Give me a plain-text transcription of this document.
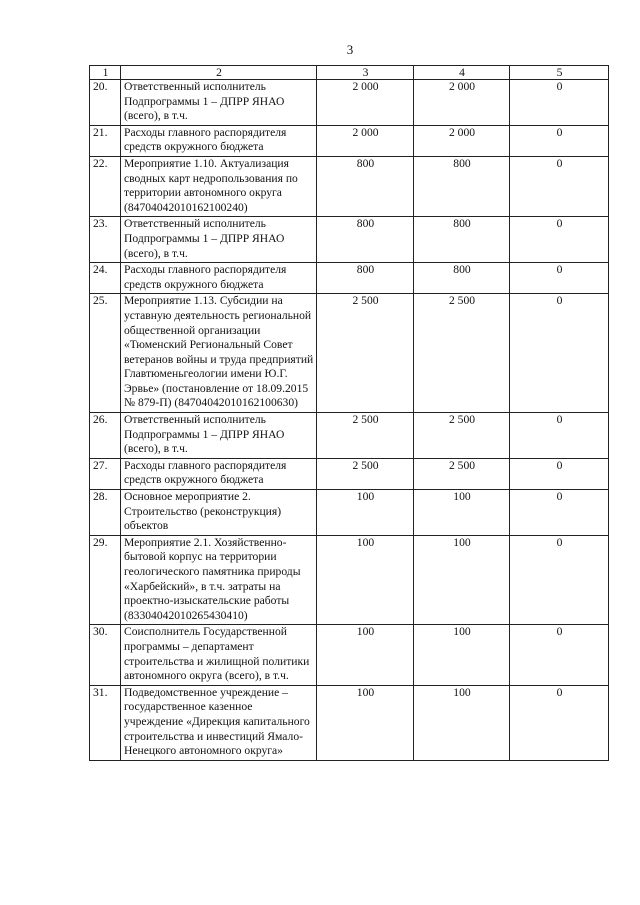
3
1	2	3	4	5
20.	Ответственный исполнитель Подпрограммы 1 – ДПРР ЯНАО (всего), в т.ч.	2 000	2 000	0
21.	Расходы главного распорядителя средств окружного бюджета	2 000	2 000	0
22.	Мероприятие 1.10. Актуализация сводных карт недропользования по территории автономного округа (84704042010162100240)	800	800	0
23.	Ответственный исполнитель Подпрограммы 1 – ДПРР ЯНАО (всего), в т.ч.	800	800	0
24.	Расходы главного распорядителя средств окружного бюджета	800	800	0
25.	Мероприятие 1.13. Субсидии на уставную деятельность региональной общественной организации «Тюменский Региональный Совет ветеранов войны и труда предприятий Главтюменьгеологии имени Ю.Г. Эрвье» (постановление от 18.09.2015 № 879-П) (84704042010162100630)	2 500	2 500	0
26.	Ответственный исполнитель Подпрограммы 1 – ДПРР ЯНАО (всего), в т.ч.	2 500	2 500	0
27.	Расходы главного распорядителя средств окружного бюджета	2 500	2 500	0
28.	Основное мероприятие 2. Строительство (реконструкция) объектов	100	100	0
29.	Мероприятие 2.1. Хозяйственно-бытовой корпус на территории геологического памятника природы «Харбейский», в т.ч. затраты на проектно-изыскательские работы (83304042010265430410)	100	100	0
30.	Соисполнитель Государственной программы – департамент строительства и жилищной политики автономного округа (всего), в т.ч.	100	100	0
31.	Подведомственное учреждение – государственное казенное учреждение «Дирекция капитального строительства и инвестиций Ямало-Ненецкого автономного округа»	100	100	0
